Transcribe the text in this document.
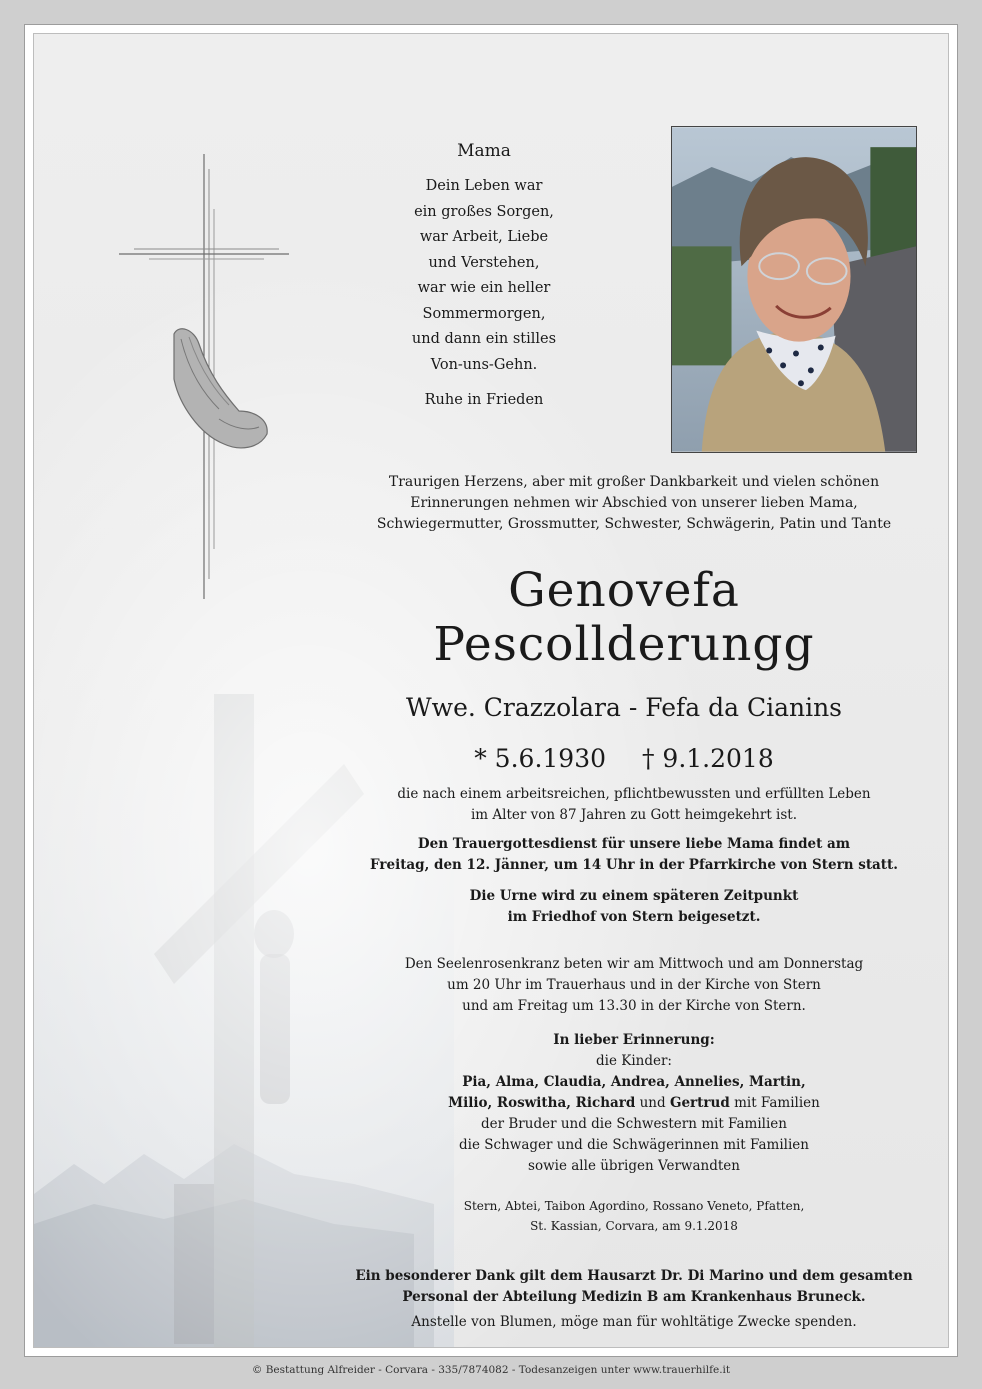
Mama
Dein Leben war
ein großes Sorgen,
war Arbeit, Liebe
und Verstehen,
war wie ein heller
Sommermorgen,
und dann ein stilles
Von-uns-Gehn.
Ruhe in Frieden
Traurigen Herzens, aber mit großer Dankbarkeit und vielen schönen
Erinnerungen nehmen wir Abschied von unserer lieben Mama,
Schwiegermutter, Grossmutter, Schwester, Schwägerin, Patin und Tante
Genovefa
Pescollderungg
Wwe. Crazzolara - Fefa da Cianins
* 5.6.1930 † 9.1.2018
die nach einem arbeitsreichen, pflichtbewussten und erfüllten Leben
im Alter von 87 Jahren zu Gott heimgekehrt ist.
Den Trauergottesdienst für unsere liebe Mama findet am
Freitag, den 12. Jänner, um 14 Uhr in der Pfarrkirche von Stern statt.
Die Urne wird zu einem späteren Zeitpunkt
im Friedhof von Stern beigesetzt.
Den Seelenrosenkranz beten wir am Mittwoch und am Donnerstag
um 20 Uhr im Trauerhaus und in der Kirche von Stern
und am Freitag um 13.30 in der Kirche von Stern.
In lieber Erinnerung:
die Kinder:
Pia, Alma, Claudia, Andrea, Annelies, Martin,
Milio, Roswitha, Richard und Gertrud mit Familien
der Bruder und die Schwestern mit Familien
die Schwager und die Schwägerinnen mit Familien
sowie alle übrigen Verwandten
Stern, Abtei, Taibon Agordino, Rossano Veneto, Pfatten,
St. Kassian, Corvara, am 9.1.2018
Ein besonderer Dank gilt dem Hausarzt Dr. Di Marino und dem gesamten
Personal der Abteilung Medizin B am Krankenhaus Bruneck.
Anstelle von Blumen, möge man für wohltätige Zwecke spenden.
© Bestattung Alfreider - Corvara - 335/7874082 - Todesanzeigen unter www.trauerhilfe.it
